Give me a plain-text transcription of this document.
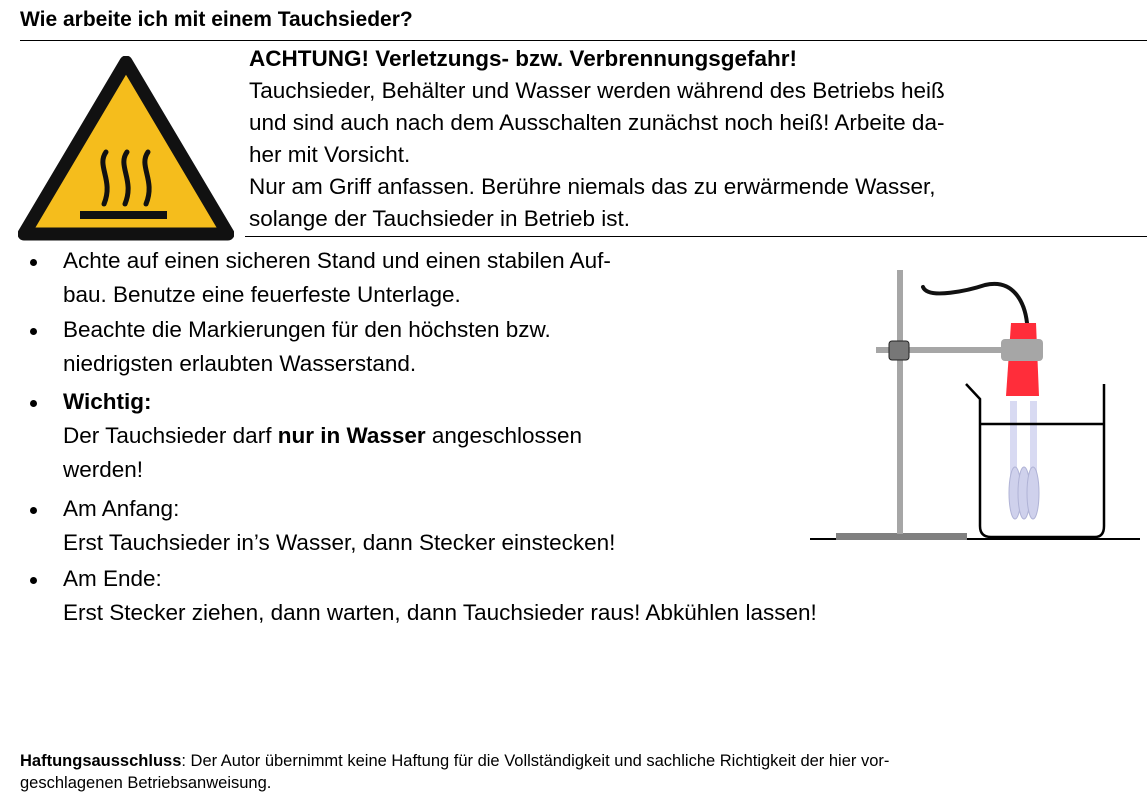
Wie arbeite ich mit einem Tauchsieder?
ACHTUNG! Verletzungs- bzw. Verbrennungsgefahr!
Tauchsieder, Behälter und Wasser werden während des Betriebs heiß
und sind auch nach dem Ausschalten zunächst noch heiß! Arbeite da-
her mit Vorsicht.
Nur am Griff anfassen. Berühre niemals das zu erwärmende Wasser,
solange der Tauchsieder in Betrieb ist.
Achte auf einen sicheren Stand und einen stabilen Auf-
bau. Benutze eine feuerfeste Unterlage.
Beachte die Markierungen für den höchsten bzw.
niedrigsten erlaubten Wasserstand.
Wichtig:
Der Tauchsieder darf nur in Wasser angeschlossen
werden!
Am Anfang:
Erst Tauchsieder in’s Wasser, dann Stecker einstecken!
Am Ende:
Erst Stecker ziehen, dann warten, dann Tauchsieder raus! Abkühlen lassen!
Haftungsausschluss: Der Autor übernimmt keine Haftung für die Vollständigkeit und sachliche Richtigkeit der hier vor-
geschlagenen Betriebsanweisung.
